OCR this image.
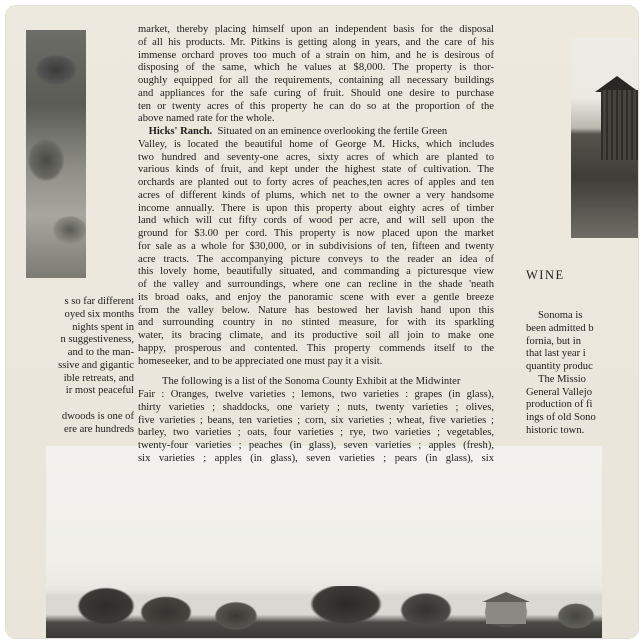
market, thereby placing himself upon an independent basis for the disposal
of all his products. Mr. Pitkins is getting along in years, and the care of his
immense orchard proves too much of a strain on him, and he is desirous of
disposing of the same, which he values at $8,000. The property is thor-
oughly equipped for all the requirements, containing all necessary buildings
and appliances for the safe curing of fruit. Should one desire to purchase
ten or twenty acres of this property he can do so at the proportion of the
above named rate for the whole.
Hicks' Ranch. Situated on an eminence overlooking the fertile Green
Valley, is located the beautiful home of George M. Hicks, which includes
two hundred and seventy-one acres, sixty acres of which are planted to
various kinds of fruit, and kept under the highest state of cultivation. The
orchards are planted out to forty acres of peaches,ten acres of apples and ten
acres of different kinds of plums, which net to the owner a very handsome
income annually. There is upon this property about eighty acres of timber
land which will cut fifty cords of wood per acre, and will sell upon the
ground for $3.00 per cord. This property is now placed upon the market
for sale as a whole for $30,000, or in subdivisions of ten, fifteen and twenty
acre tracts. The accompanying picture conveys to the reader an idea of
this lovely home, beautifully situated, and commanding a picturesque view
of the valley and surroundings, where one can recline in the shade 'neath
its broad oaks, and enjoy the panoramic scene with ever a gentle breeze
from the valley below. Nature has bestowed her lavish hand upon this
and surrounding country in no stinted measure, for with its sparkling
water, its bracing climate, and its productive soil all join to make one
happy, prosperous and contented. This property commends itself to the
homeseeker, and to be appreciated one must pay it a visit.
The following is a list of the Sonoma County Exhibit at the Midwinter
Fair : Oranges, twelve varieties ; lemons, two varieties : grapes (in glass),
thirty varieties ; shaddocks, one variety ; nuts, twenty varieties ; olives,
five varieties ; beans, ten varieties ; corn, six varieties ; wheat, five varieties ;
barley, two varieties ; oats, four varieties ; rye, two varieties ; vegetables,
twenty-four varieties ; peaches (in glass), seven varieties ; apples (fresh),
six varieties ; apples (in glass), seven varieties ; pears (in glass), six
s so far different
oyed six months
nights spent in
n suggestiveness,
and to the man-
ssive and gigantic
ible retreats, and
ir most peaceful
dwoods is one of
ere are hundreds
WINE
Sonoma is
been admitted b
fornia, but in
that last year i
quantity produc
The Missio
General Vallejo
production of fi
ings of old Sono
historic town.
